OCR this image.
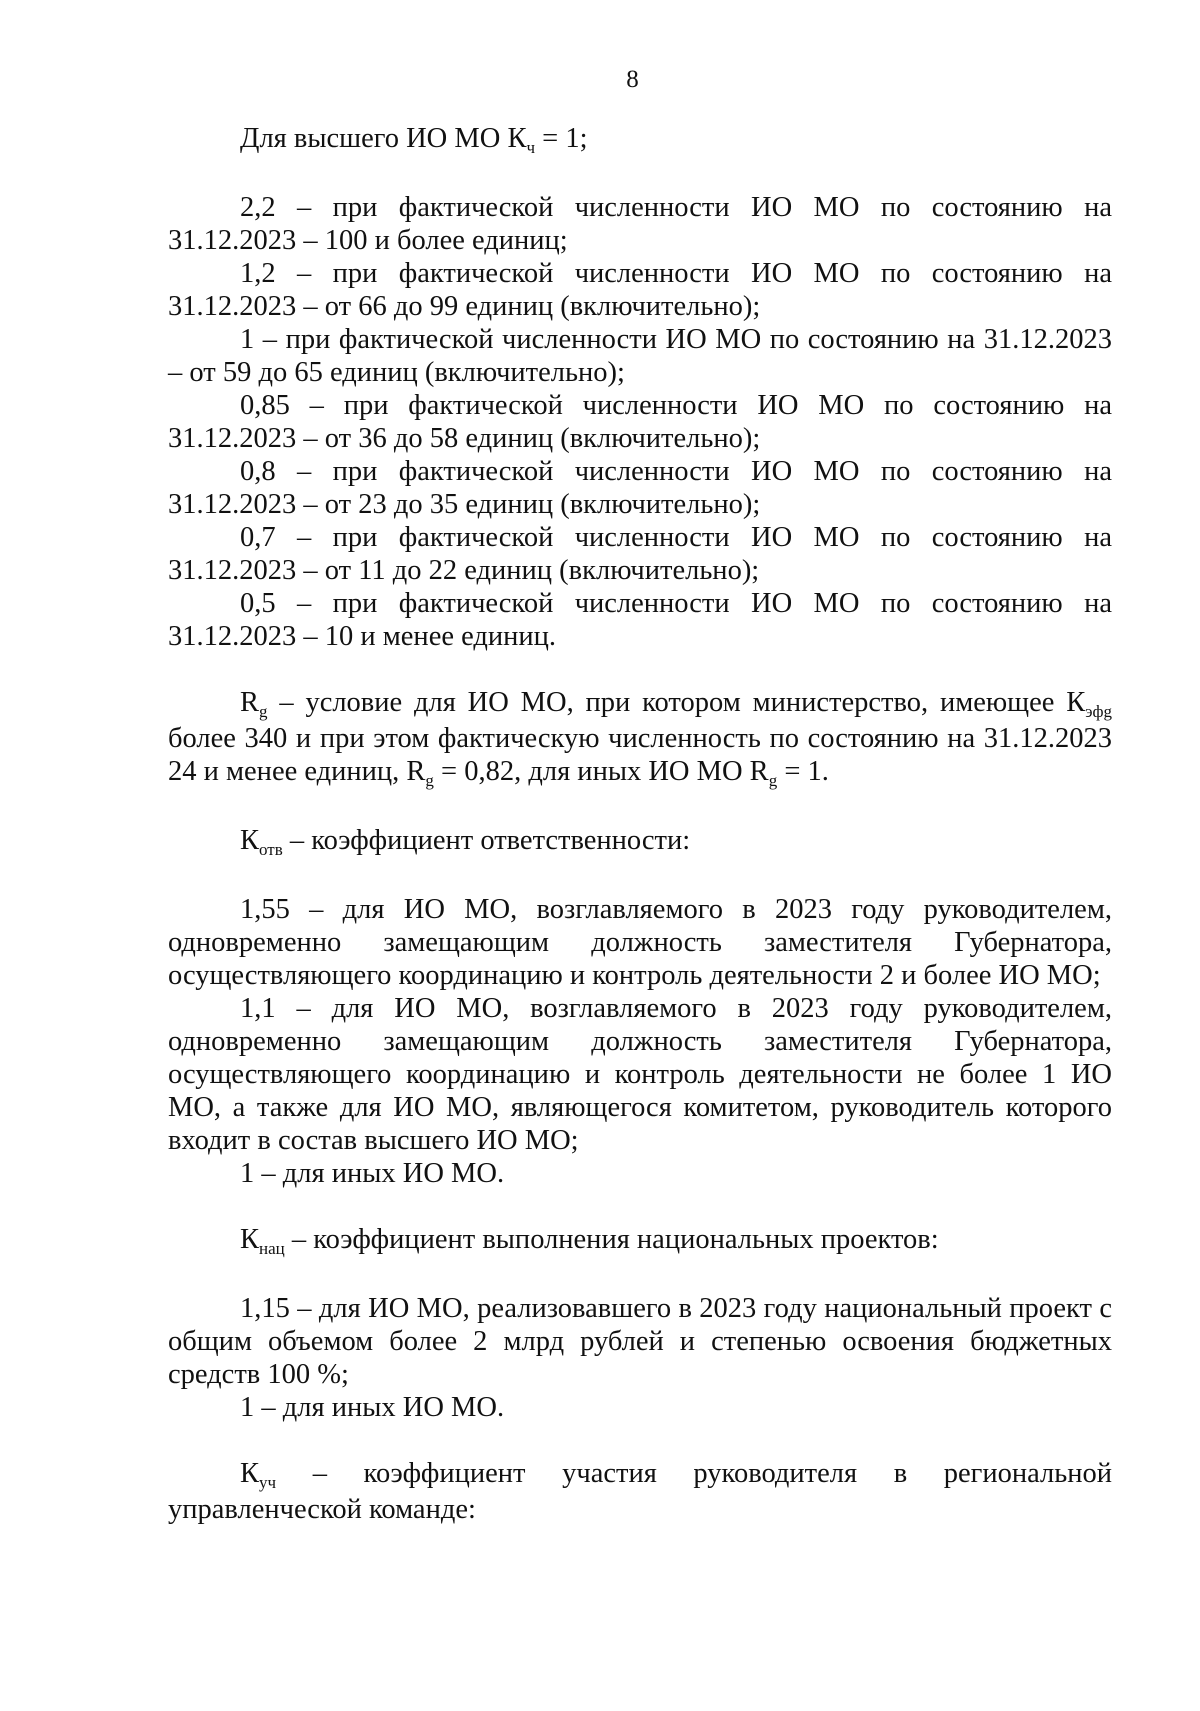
8

Для высшего ИО МО $К_ч = 1$;

2,2 – при фактической численности ИО МО по состоянию на 31.12.2023 – 100 и более единиц;

1,2 – при фактической численности ИО МО по состоянию на 31.12.2023 – от 66 до 99 единиц (включительно);

1 – при фактической численности ИО МО по состоянию на 31.12.2023 – от 59 до 65 единиц (включительно);

0,85 – при фактической численности ИО МО по состоянию на 31.12.2023 – от 36 до 58 единиц (включительно);

0,8 – при фактической численности ИО МО по состоянию на 31.12.2023 – от 23 до 35 единиц (включительно);

0,7 – при фактической численности ИО МО по состоянию на 31.12.2023 – от 11 до 22 единиц (включительно);

0,5 – при фактической численности ИО МО по состоянию на 31.12.2023 – 10 и менее единиц.

$R_g$ – условие для ИО МО, при котором министерство, имеющее $К_{эфg}$ более 340 и при этом фактическую численность по состоянию на 31.12.2023 24 и менее единиц, $R_g = 0,82$, для иных ИО МО $R_g = 1$.

$К_{отв}$ – коэффициент ответственности:

1,55 – для ИО МО, возглавляемого в 2023 году руководителем, одновременно замещающим должность заместителя Губернатора, осуществляющего координацию и контроль деятельности 2 и более ИО МО;

1,1 – для ИО МО, возглавляемого в 2023 году руководителем, одновременно замещающим должность заместителя Губернатора, осуществляющего координацию и контроль деятельности не более 1 ИО МО, а также для ИО МО, являющегося комитетом, руководитель которого входит в состав высшего ИО МО;

1 – для иных ИО МО.

$К_{нац}$ – коэффициент выполнения национальных проектов:

1,15 – для ИО МО, реализовавшего в 2023 году национальный проект с общим объемом более 2 млрд рублей и степенью освоения бюджетных средств 100 %;

1 – для иных ИО МО.

$К_{уч}$ – коэффициент участия руководителя в региональной
управленческой команде:
